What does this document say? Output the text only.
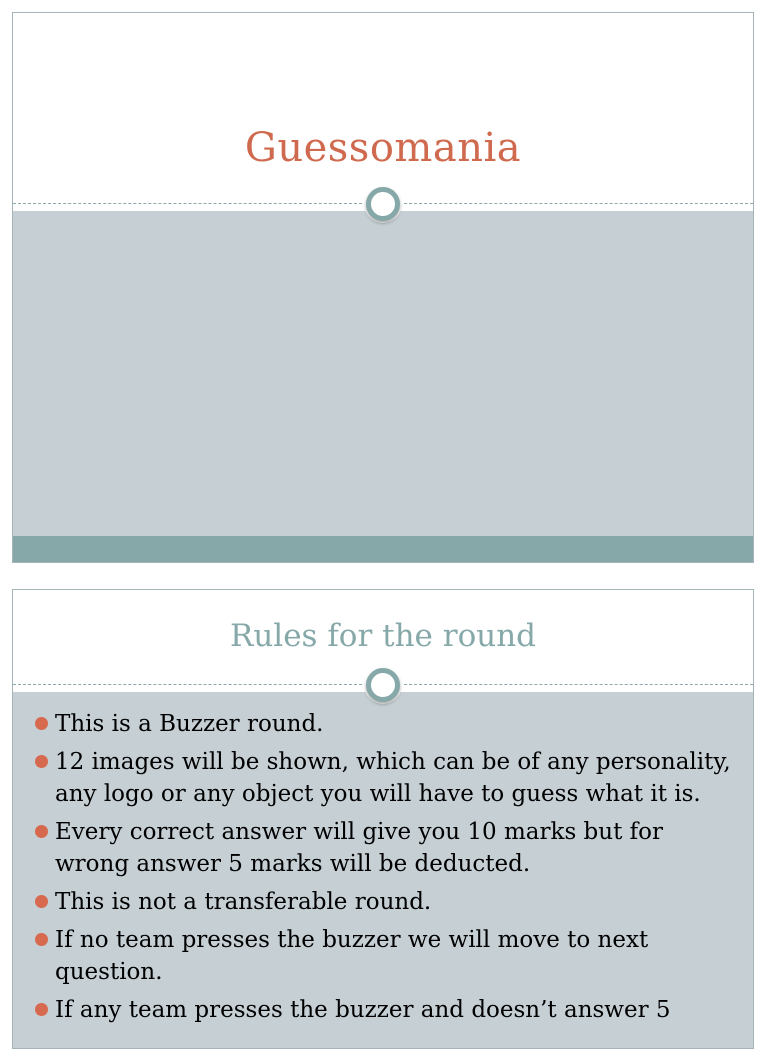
Guessomania
Rules for the round
This is a Buzzer round.
12 images will be shown, which can be of any personality, any logo or any object you will have to guess what it is.
Every correct answer will give you 10 marks but for wrong answer 5 marks will be deducted.
This is not a transferable round.
If no team presses the buzzer we will move to next question.
If any team presses the buzzer and doesn’t answer 5
